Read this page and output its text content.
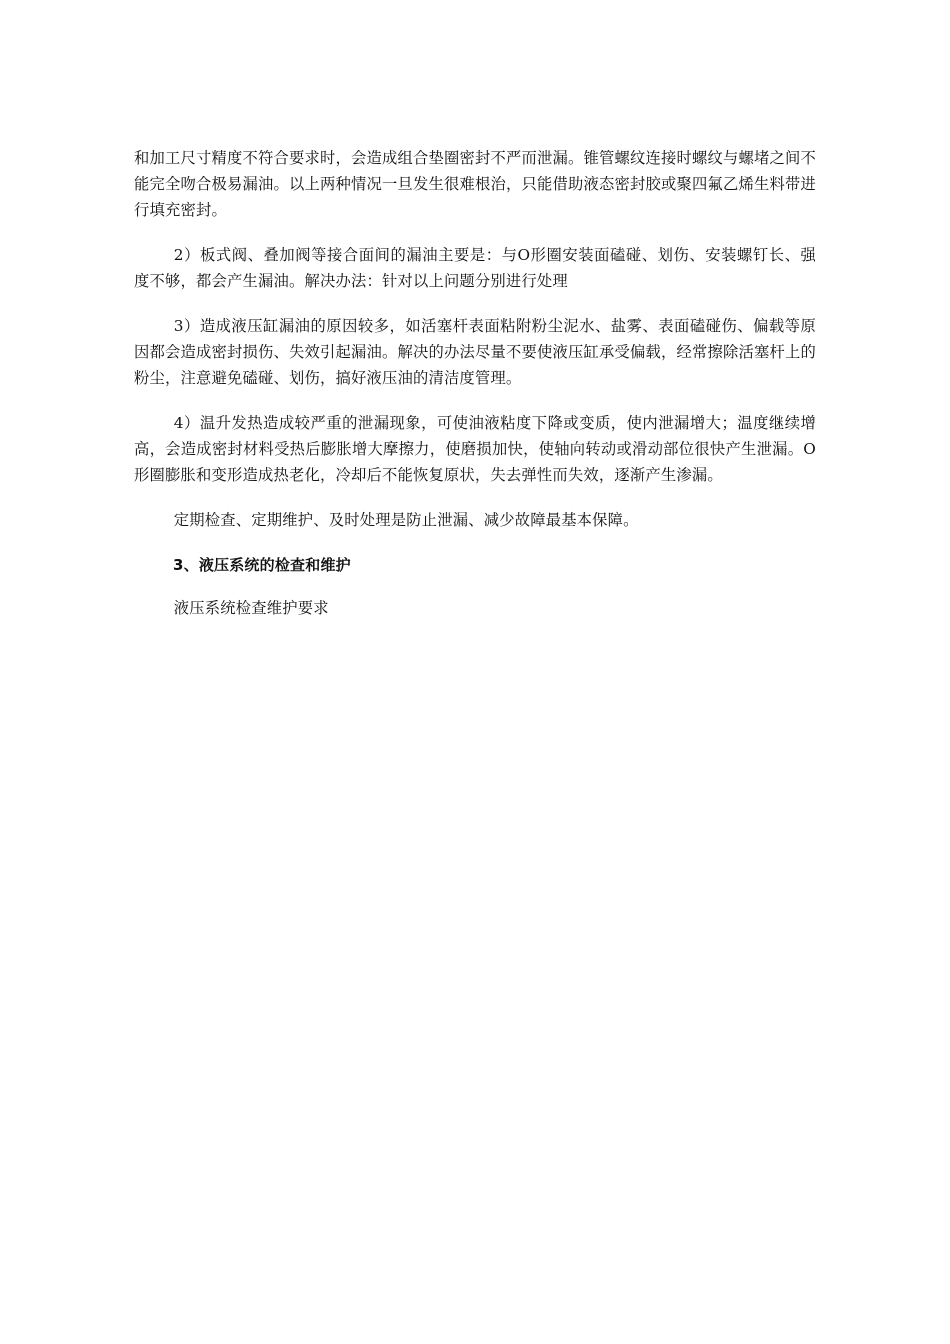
和加工尺寸精度不符合要求时，会造成组合垫圈密封不严而泄漏。锥管螺纹连接时螺纹与螺堵之间不能完全吻合极易漏油。以上两种情况一旦发生很难根治，只能借助液态密封胶或聚四氟乙烯生料带进行填充密封。

2）板式阀、叠加阀等接合面间的漏油主要是：与O形圈安装面磕碰、划伤、安装螺钉长、强度不够，都会产生漏油。解决办法：针对以上问题分别进行处理

3）造成液压缸漏油的原因较多，如活塞杆表面粘附粉尘泥水、盐雾、表面磕碰伤、偏载等原因都会造成密封损伤、失效引起漏油。解决的办法尽量不要使液压缸承受偏载，经常擦除活塞杆上的粉尘，注意避免磕碰、划伤，搞好液压油的清洁度管理。

4）温升发热造成较严重的泄漏现象，可使油液粘度下降或变质，使内泄漏增大；温度继续增高，会造成密封材料受热后膨胀增大摩擦力，使磨损加快，使轴向转动或滑动部位很快产生泄漏。O形圈膨胀和变形造成热老化，冷却后不能恢复原状，失去弹性而失效，逐渐产生渗漏。

定期检查、定期维护、及时处理是防止泄漏、减少故障最基本保障。

3、液压系统的检查和维护

液压系统检查维护要求
